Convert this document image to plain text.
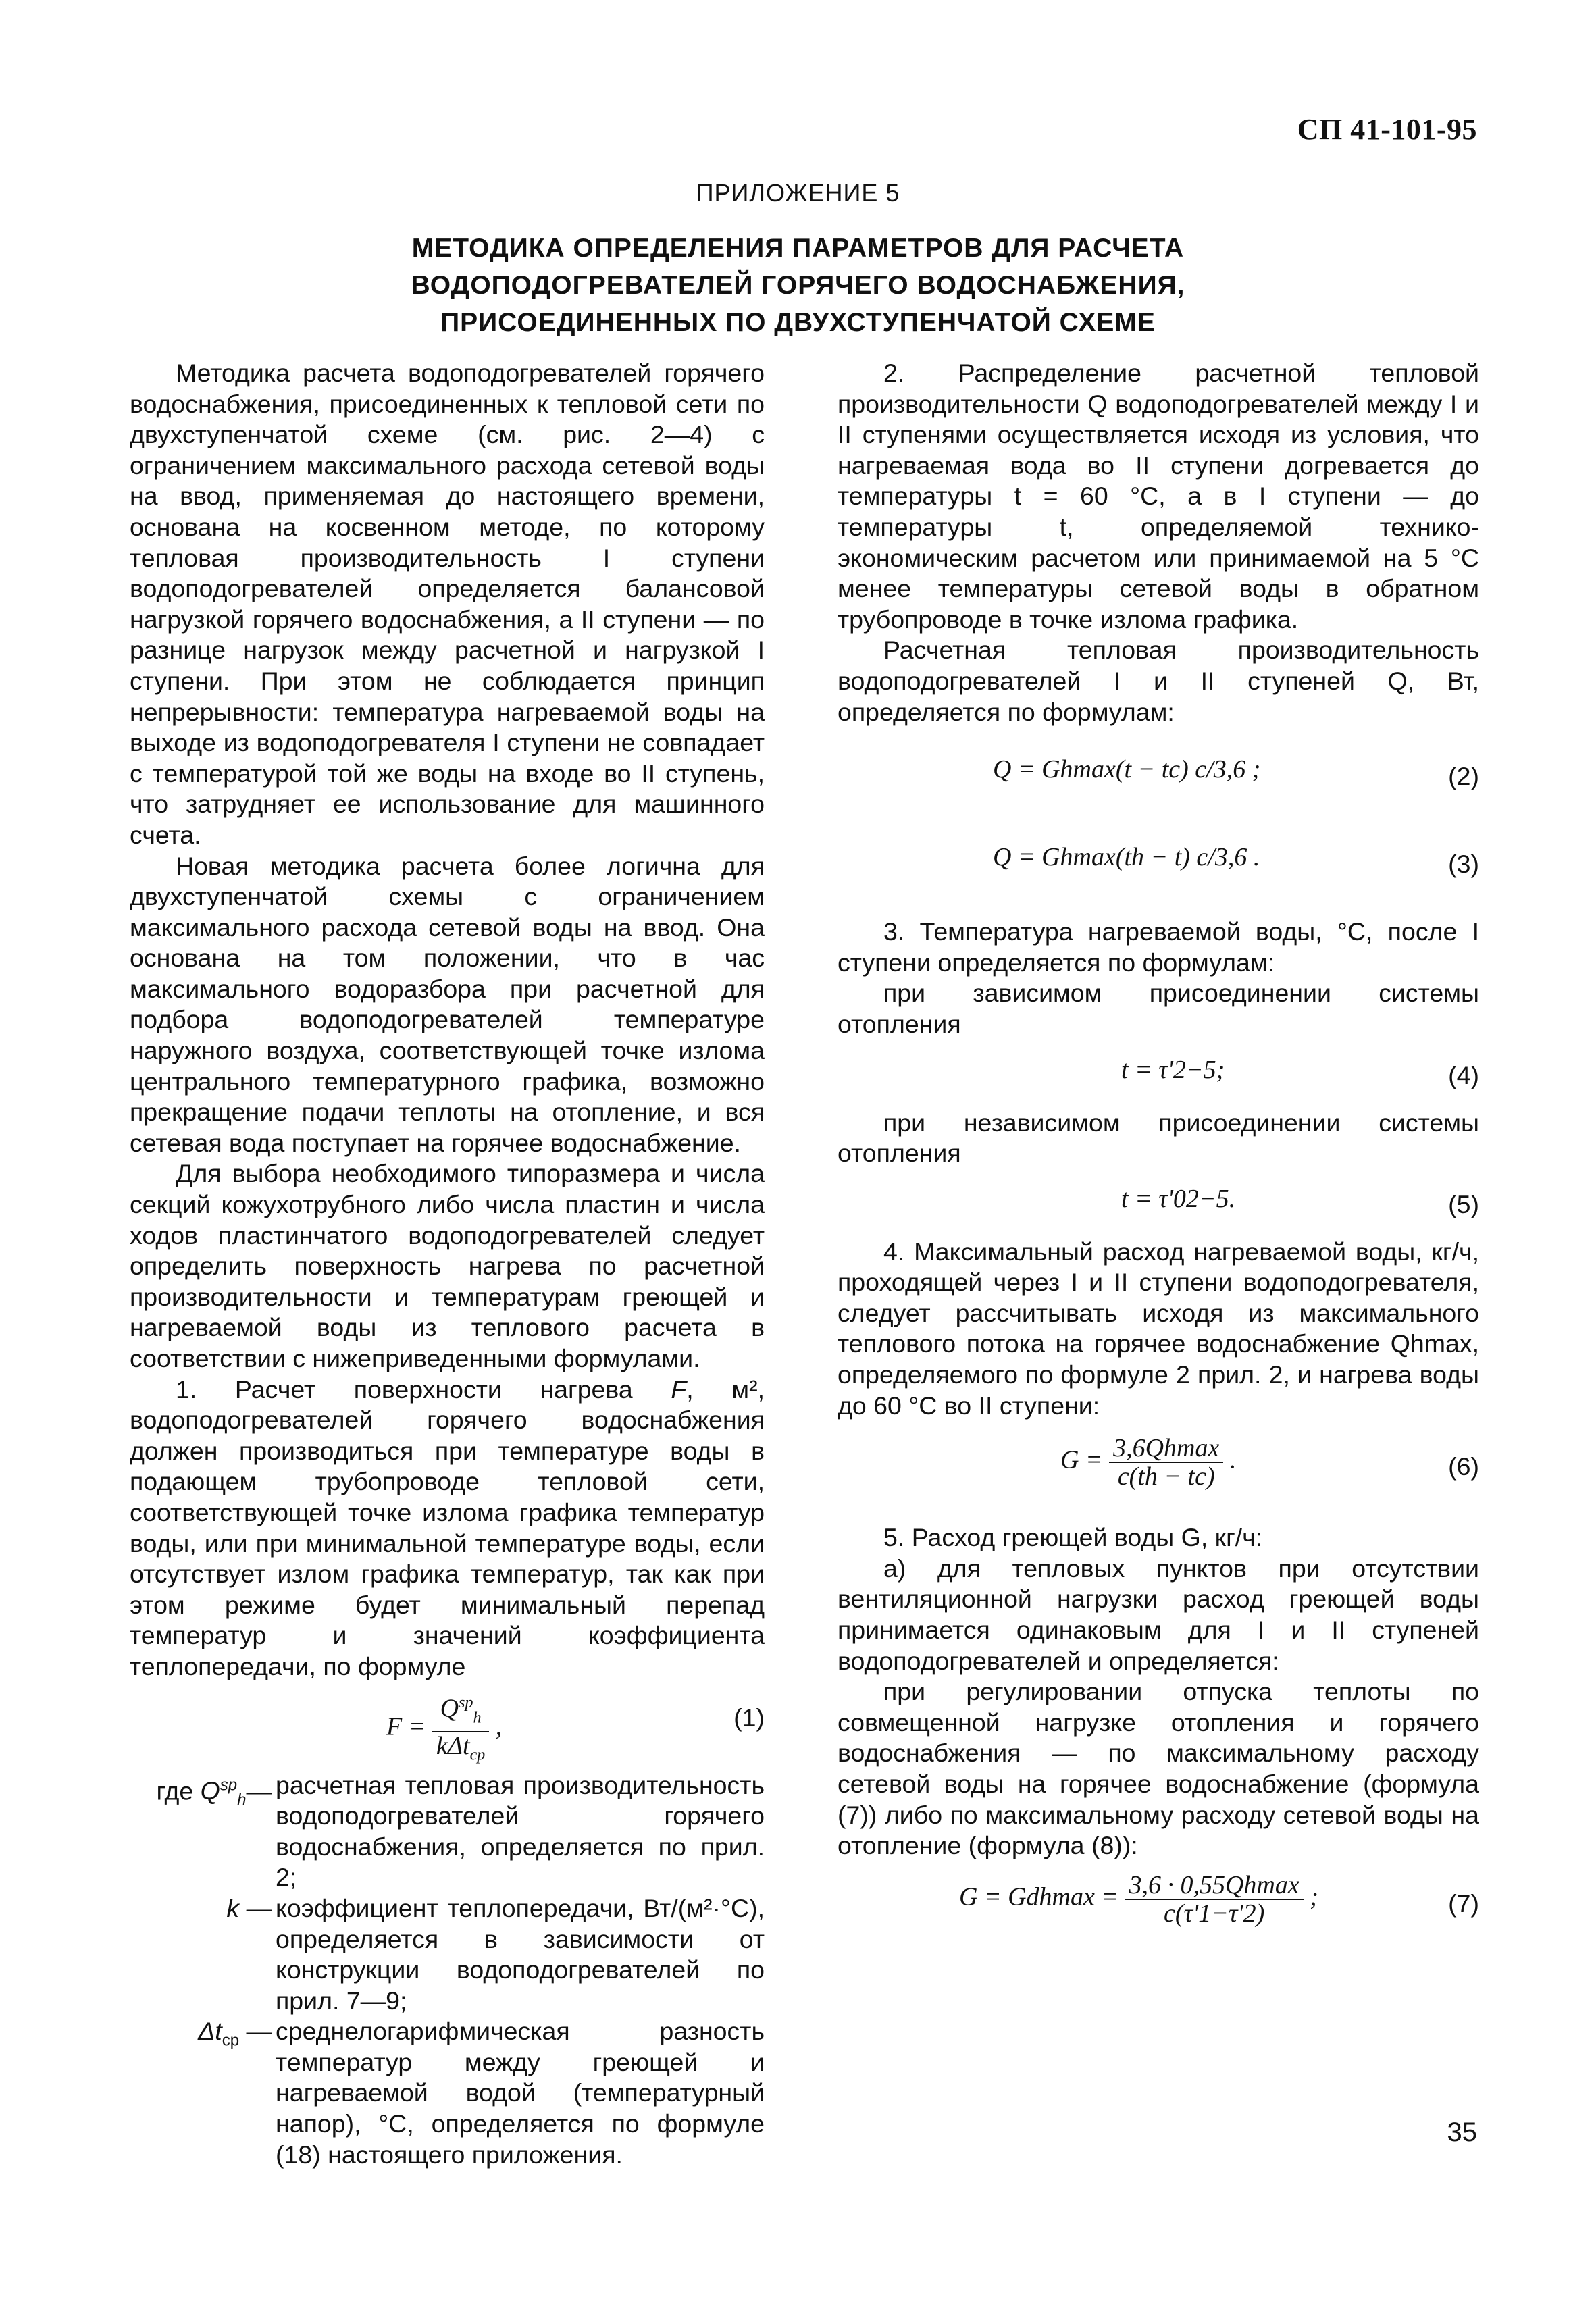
СП 41-101-95
ПРИЛОЖЕНИЕ 5
МЕТОДИКА ОПРЕДЕЛЕНИЯ ПАРАМЕТРОВ ДЛЯ РАСЧЕТА
ВОДОПОДОГРЕВАТЕЛЕЙ ГОРЯЧЕГО ВОДОСНАБЖЕНИЯ,
ПРИСОЕДИНЕННЫХ ПО ДВУХСТУПЕНЧАТОЙ СХЕМЕ

Методика расчета водоподогревателей горячего водоснабжения, присоединенных к тепловой сети по двухступенчатой схеме (см. рис. 2—4) с ограничением максимального расхода сетевой воды на ввод, применяемая до настоящего времени, основана на косвенном методе, по которому тепловая производительность I ступени водоподогревателей определяется балансовой нагрузкой горячего водоснабжения, а II ступени — по разнице нагрузок между расчетной и нагрузкой I ступени. При этом не соблюдается принцип непрерывности: температура нагреваемой воды на выходе из водоподогревателя I ступени не совпадает с температурой той же воды на входе во II ступень, что затрудняет ее использование для машинного счета.

Новая методика расчета более логична для двухступенчатой схемы с ограничением максимального расхода сетевой воды на ввод. Она основана на том положении, что в час максимального водоразбора при расчетной для подбора водоподогревателей температуре наружного воздуха, соответствующей точке излома центрального температурного графика, возможно прекращение подачи теплоты на отопление, и вся сетевая вода поступает на горячее водоснабжение.

Для выбора необходимого типоразмера и числа секций кожухотрубного либо числа пластин и числа ходов пластинчатого водоподогревателей следует определить поверхность нагрева по расчетной производительности и температурам греющей и нагреваемой воды из теплового расчета в соответствии с нижеприведенными формулами.

1. Расчет поверхности нагрева F, м², водоподогревателей горячего водоснабжения должен производиться при температуре воды в подающем трубопроводе тепловой сети, соответствующей точке излома графика температур воды, или при минимальной температуре воды, если отсутствует излом графика температур, так как при этом режиме будет минимальный перепад температур и значений коэффициента теплопередачи, по формуле

$F = \frac{Q^{sp}_h}{k\Delta t_{cp}}$ ,	(1)
где $Q^{sp}_h—$ расчетная тепловая производительность водоподогревателей горячего водоснабжения, определяется по прил. 2;
k — коэффициент теплопередачи, Вт/(м²·°С), определяется в зависимости от конструкции водоподогревателей по прил. 7—9;
$\Delta t_{cp}$ — среднелогарифмическая разность температур между греющей и нагреваемой водой (температурный напор), °С, определяется по формуле (18) настоящего приложения.

2. Распределение расчетной тепловой производительности Q водоподогревателей между I и II ступенями осуществляется исходя из условия, что нагреваемая вода во II ступени догревается до температуры t = 60 °С, а в I ступени — до температуры t, определяемой технико-экономическим расчетом или принимаемой на 5 °С менее температуры сетевой воды в обратном трубопроводе в точке излома графика.

Расчетная тепловая производительность водоподогревателей I и II ступеней Q, Вт, определяется по формулам:

Q = Ghmax(t − tc) c/3,6 ;	(2)
Q = Ghmax(th − t) c/3,6 .	(3)

3. Температура нагреваемой воды, °С, после I ступени определяется по формулам:

при зависимом присоединении системы отопления

t = τ'2−5;	(4)

при независимом присоединении системы отопления

t = τ'02−5.	(5)

4. Максимальный расход нагреваемой воды, кг/ч, проходящей через I и II ступени водоподогревателя, следует рассчитывать исходя из максимального теплового потока на горячее водоснабжение Qhmax, определяемого по формуле 2 прил. 2, и нагрева воды до 60 °С во II ступени:

$G = \frac{3,6Qhmax}{c(th - tc)}$ .	(6)

5. Расход греющей воды G, кг/ч:

а) для тепловых пунктов при отсутствии вентиляционной нагрузки расход греющей воды принимается одинаковым для I и II ступеней водоподогревателей и определяется:

при регулировании отпуска теплоты по совмещенной нагрузке отопления и горячего водоснабжения — по максимальному расходу сетевой воды на горячее водоснабжение (формула (7)) либо по максимальному расходу сетевой воды на отопление (формула (8)):

$G = Gdhmax = \frac{3,6 \cdot 0,55Qhmax}{c(\tau'1-\tau'2)}$ ;	(7)
35
